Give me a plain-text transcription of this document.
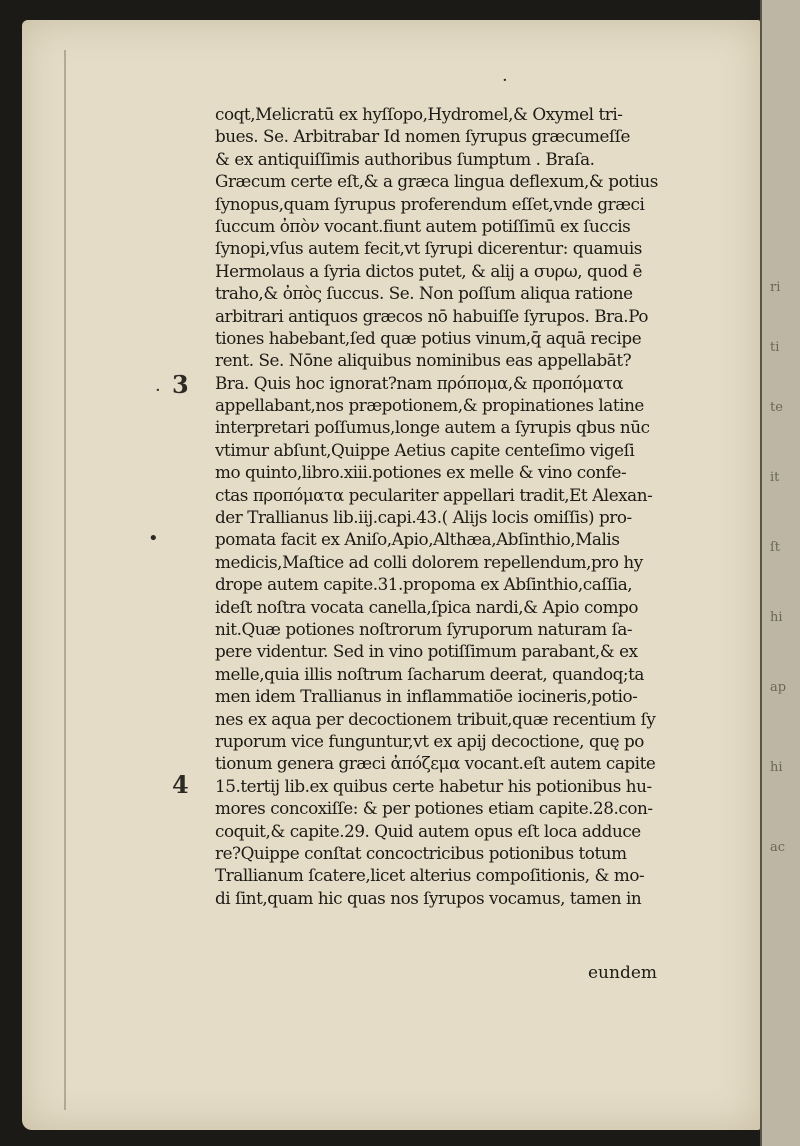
ri
ti
te
it
ſt
hi
ap
hi
ac
3
4
·
•
·
coqt,Melicratū ex hyſſopo,Hydromel,& Oxymel tri-
bues. Se. Arbitrabar Id nomen ſyrupus græcumeſſe
& ex antiquiſſimis authoribus ſumptum . Braſa.
Græcum certe eſt,& a græca lingua deflexum,& potius
ſynopus,quam ſyrupus proferendum eſſet,vnde græci
ſuccum ὀπὸν vocant.fiunt autem potiſſimū ex ſuccis
ſynopi,vſus autem fecit,vt ſyrupi dicerentur: quamuis
Hermolaus a ſyria dictos putet, & alij a συρω, quod ē
traho,& ὀπὸς ſuccus. Se. Non poſſum aliqua ratione
arbitrari antiquos græcos nō habuiſſe ſyrupos. Bra.Po
tiones habebant,ſed quæ potius vinum,q̄ aquā recipe
rent. Se. Nōne aliquibus nominibus eas appellabāt?
Bra. Quis hoc ignorat?nam πρόπομα,& προπόματα
appellabant,nos præpotionem,& propinationes latine
interpretari poſſumus,longe autem a ſyrupis qbus nūc
vtimur abſunt,Quippe Aetius capite centeſimo vigeſi
mo quinto,libro.xiii.potiones ex melle & vino confe-
ctas προπόματα peculariter appellari tradit,Et Alexan-
der Trallianus lib.iij.capi.43.( Alijs locis omiſſis) pro-
pomata facit ex Aniſo,Apio,Althæa,Abſinthio,Malis
medicis,Maſtice ad colli dolorem repellendum,pro hy
drope autem capite.31.propoma ex Abſinthio,caſſia,
ideſt noſtra vocata canella,ſpica nardi,& Apio compo
nit.Quæ potiones noſtrorum ſyruporum naturam ſa-
pere videntur. Sed in vino potiſſimum parabant,& ex
melle,quia illis noſtrum ſacharum deerat, quandoq;ta
men idem Trallianus in inflammatiōe iocineris,potio-
nes ex aqua per decoctionem tribuit,quæ recentium ſy
ruporum vice funguntur,vt ex apij decoctione, quę po
tionum genera græci ἀπόζεμα vocant.eſt autem capite
15.tertij lib.ex quibus certe habetur his potionibus hu-
mores concoxiſſe: & per potiones etiam capite.28.con-
coquit,& capite.29. Quid autem opus eſt loca adduce
re?Quippe conſtat concoctricibus potionibus totum
Trallianum ſcatere,licet alterius compoſitionis, & mo-
di ſint,quam hic quas nos ſyrupos vocamus, tamen in
eundem
